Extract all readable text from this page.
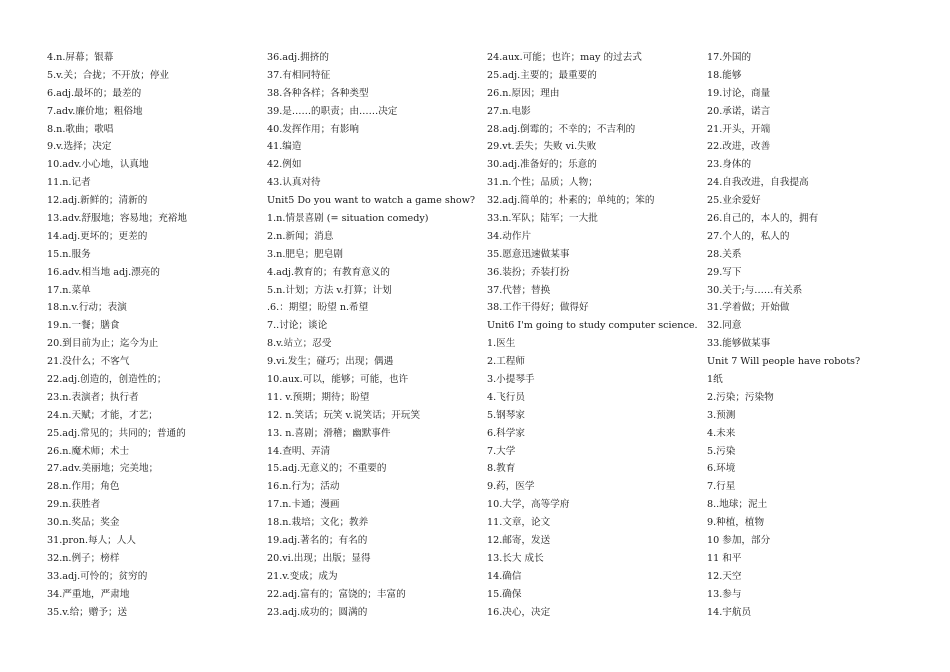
4.n.屏幕；银幕
5.v.关；合拢；不开放；停业
6.adj.最坏的；最差的
7.adv.廉价地；粗俗地
8.n.歌曲；歌唱
9.v.选择；决定
10.adv.小心地，认真地
11.n.记者
12.adj.新鲜的；清新的
13.adv.舒服地；容易地；充裕地
14.adj.更坏的；更差的
15.n.服务
16.adv.相当地 adj.漂亮的
17.n.菜单
18.n.v.行动；表演
19.n.一餐；膳食
20.到目前为止；迄今为止
21.没什么；不客气
22.adj.创造的，创造性的；
23.n.表演者；执行者
24.n.天赋；才能，才艺；
25.adj.常见的；共同的；普通的
26.n.魔术师；术士
27.adv.美丽地；完美地；
28.n.作用；角色
29.n.获胜者
30.n.奖品；奖金
31.pron.每人；人人
32.n.例子；榜样
33.adj.可怜的；贫穷的
34.严重地，严肃地
35.v.给；赠予；送
36.adj.拥挤的
37.有相同特征
38.各种各样；各种类型
39.是……的职责；由……决定
40.发挥作用；有影响
41.编造
42.例如
43.认真对待
Unit5 Do you want to watch a game show?
1.n.情景喜剧 (= situation comedy)
2.n.新闻；消息
3.n.肥皂；肥皂剧
4.adj.教育的；有教育意义的
5.n.计划；方法 v.打算；计划
.6.：期望；盼望 n.希望
7..讨论；谈论
8.v.站立；忍受
9.vi.发生；碰巧；出现；偶遇
10.aux.可以，能够；可能，也许
11. v.预期；期待；盼望
12. n.笑话；玩笑 v.说笑话；开玩笑
13. n.喜剧；滑稽；幽默事件
14.查明、弄清
15.adj.无意义的；不重要的
16.n.行为；活动
17.n.卡通；漫画
18.n.栽培；文化；教养
19.adj.著名的；有名的
20.vi.出现；出版；显得
21.v.变成；成为
22.adj.富有的；富饶的；丰富的
23.adj.成功的；圆满的
24.aux.可能；也许；may 的过去式
25.adj.主要的；最重要的
26.n.原因；理由
27.n.电影
28.adj.倒霉的；不幸的；不吉利的
29.vt.丢失；失败 vi.失败
30.adj.准备好的；乐意的
31.n.个性；品质；人物；
32.adj.简单的；朴素的；单纯的；笨的
33.n.军队；陆军；一大批
34.动作片
35.愿意迅速做某事
36.装扮；乔装打扮
37.代替；替换
38.工作干得好；做得好
Unit6 I'm going to study computer science.
1.医生
2.工程师
3.小提琴手
4.飞行员
5.钢琴家
6.科学家
7.大学
8.教育
9.药，医学
10.大学，高等学府
11.文章，论文
12.邮寄，发送
13.长大 成长
14.确信
15.确保
16.决心，决定
17.外国的
18.能够
19.讨论，商量
20.承诺，诺言
21.开头，开端
22.改进，改善
23.身体的
24.自我改进，自我提高
25.业余爱好
26.自己的，本人的，拥有
27.个人的，私人的
28.关系
29.写下
30.关于;与……有关系
31.学着做；开始做
32.同意
33.能够做某事
Unit 7 Will people have robots?
1纸
2.污染；污染物
3.预测
4.未来
5.污染
6.环境
7.行星
8..地球；泥土
9.种植，植物
10 参加，部分
11 和平
12.天空
13.参与
14.宇航员
